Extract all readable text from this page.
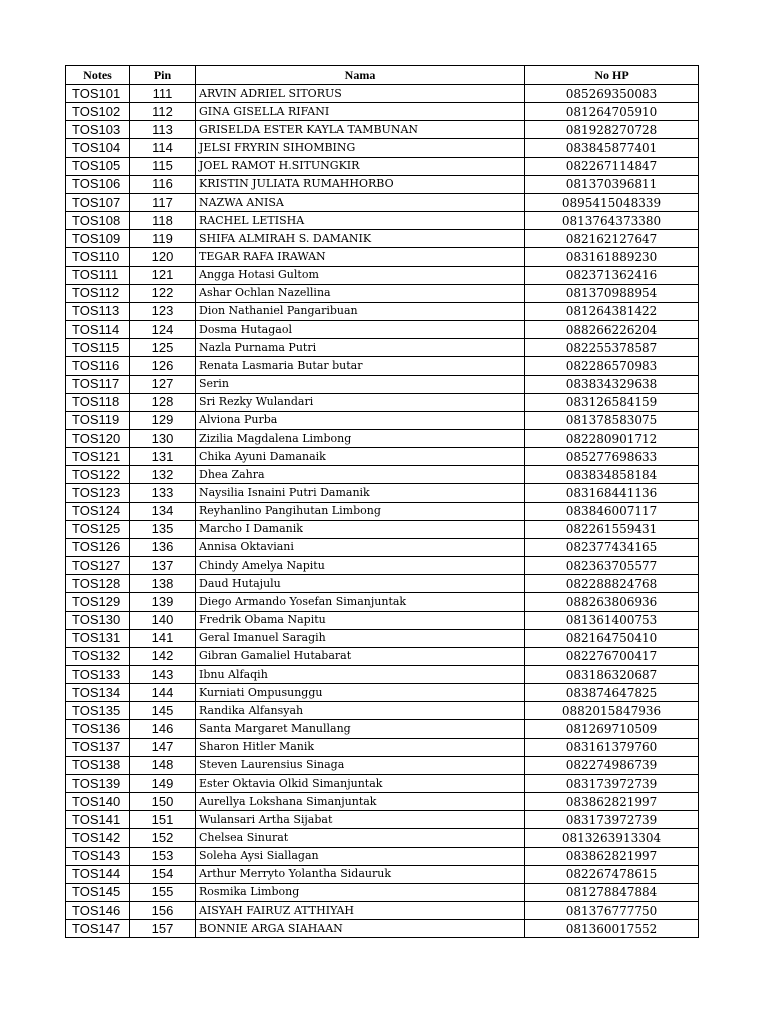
Notes	Pin	Nama	No HP
TOS101	111	ARVIN ADRIEL SITORUS	085269350083
TOS102	112	GINA GISELLA RIFANI	081264705910
TOS103	113	GRISELDA ESTER KAYLA TAMBUNAN	081928270728
TOS104	114	JELSI FRYRIN SIHOMBING	083845877401
TOS105	115	JOEL RAMOT H.SITUNGKIR	082267114847
TOS106	116	KRISTIN JULIATA RUMAHHORBO	081370396811
TOS107	117	NAZWA ANISA	0895415048339
TOS108	118	RACHEL LETISHA	0813764373380
TOS109	119	SHIFA ALMIRAH S. DAMANIK	082162127647
TOS110	120	TEGAR RAFA IRAWAN	083161889230
TOS111	121	Angga Hotasi Gultom	082371362416
TOS112	122	Ashar Ochlan Nazellina	081370988954
TOS113	123	Dion Nathaniel Pangaribuan	081264381422
TOS114	124	Dosma Hutagaol	088266226204
TOS115	125	Nazla Purnama Putri	082255378587
TOS116	126	Renata Lasmaria Butar butar	082286570983
TOS117	127	Serin	083834329638
TOS118	128	Sri Rezky Wulandari	083126584159
TOS119	129	Alviona Purba	081378583075
TOS120	130	Zizilia Magdalena Limbong	082280901712
TOS121	131	Chika Ayuni Damanaik	085277698633
TOS122	132	Dhea Zahra	083834858184
TOS123	133	Naysilia Isnaini Putri Damanik	083168441136
TOS124	134	Reyhanlino Pangihutan Limbong	083846007117
TOS125	135	Marcho I Damanik	082261559431
TOS126	136	Annisa Oktaviani	082377434165
TOS127	137	Chindy Amelya Napitu	082363705577
TOS128	138	Daud Hutajulu	082288824768
TOS129	139	Diego Armando Yosefan Simanjuntak	088263806936
TOS130	140	Fredrik Obama Napitu	081361400753
TOS131	141	Geral Imanuel Saragih	082164750410
TOS132	142	Gibran Gamaliel Hutabarat	082276700417
TOS133	143	Ibnu Alfaqih	083186320687
TOS134	144	Kurniati Ompusunggu	083874647825
TOS135	145	Randika Alfansyah	0882015847936
TOS136	146	Santa Margaret Manullang	081269710509
TOS137	147	Sharon Hitler Manik	083161379760
TOS138	148	Steven Laurensius Sinaga	082274986739
TOS139	149	Ester Oktavia Olkid Simanjuntak	083173972739
TOS140	150	Aurellya Lokshana Simanjuntak	083862821997
TOS141	151	Wulansari Artha Sijabat	083173972739
TOS142	152	Chelsea Sinurat	0813263913304
TOS143	153	Soleha Aysi Siallagan	083862821997
TOS144	154	Arthur Merryto Yolantha Sidauruk	082267478615
TOS145	155	Rosmika Limbong	081278847884
TOS146	156	AISYAH FAIRUZ ATTHIYAH	081376777750
TOS147	157	BONNIE ARGA SIAHAAN	081360017552
